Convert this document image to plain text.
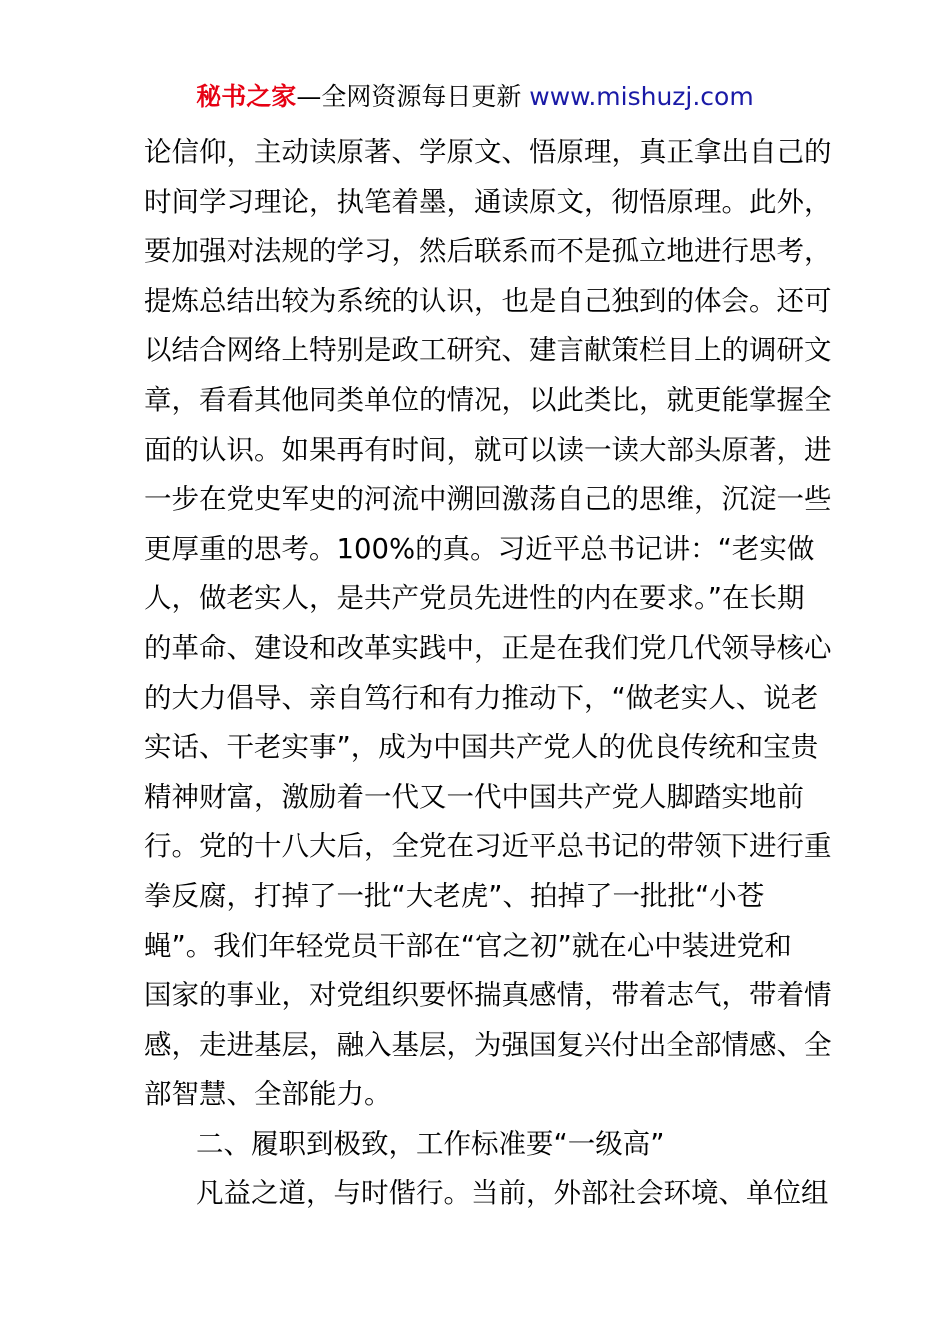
秘书之家—全网资源每日更新 www.mishuzj.com
论信仰，主动读原著、学原文、悟原理，真正拿出自己的
时间学习理论，执笔着墨，通读原文，彻悟原理。此外，
要加强对法规的学习，然后联系而不是孤立地进行思考，
提炼总结出较为系统的认识，也是自己独到的体会。还可
以结合网络上特别是政工研究、建言献策栏目上的调研文
章，看看其他同类单位的情况，以此类比，就更能掌握全
面的认识。如果再有时间，就可以读一读大部头原著，进
一步在党史军史的河流中溯回激荡自己的思维，沉淀一些
更厚重的思考。100%的真。习近平总书记讲：“老实做
人，做老实人，是共产党员先进性的内在要求。”在长期
的革命、建设和改革实践中，正是在我们党几代领导核心
的大力倡导、亲自笃行和有力推动下，“做老实人、说老
实话、干老实事”，成为中国共产党人的优良传统和宝贵
精神财富，激励着一代又一代中国共产党人脚踏实地前
行。党的十八大后，全党在习近平总书记的带领下进行重
拳反腐，打掉了一批“大老虎”、拍掉了一批批“小苍
蝇”。我们年轻党员干部在“官之初”就在心中装进党和
国家的事业，对党组织要怀揣真感情，带着志气，带着情
感，走进基层，融入基层，为强国复兴付出全部情感、全
部智慧、全部能力。
二、履职到极致，工作标准要“一级高”
凡益之道，与时偕行。当前，外部社会环境、单位组
